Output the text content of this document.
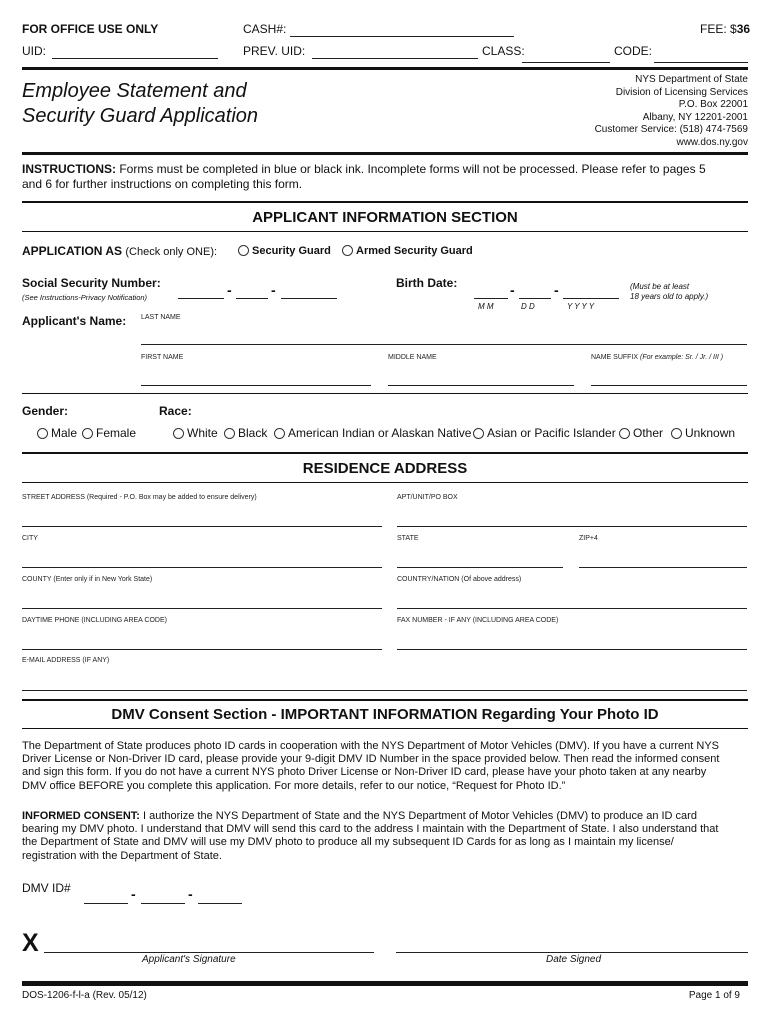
FOR OFFICE USE ONLY	CASH#:	FEE: $36
UID:	PREV. UID:	CLASS:	CODE:
Employee Statement and
Security Guard Application
NYS Department of State
Division of Licensing Services
P.O. Box 22001
Albany, NY 12201-2001
Customer Service: (518) 474-7569
www.dos.ny.gov
INSTRUCTIONS: Forms must be completed in blue or black ink. Incomplete forms will not be processed. Please refer to pages 5
and 6 for further instructions on completing this form.
APPLICANT INFORMATION SECTION
APPLICATION AS (Check only ONE):	Security Guard	Armed Security Guard
Social Security Number:
(See Instructions-Privacy Notification)	-	-	Birth Date:	-	-
M M	D D	Y Y Y Y
(Must be at least
18 years old to apply.)
Applicant's Name: LAST NAME
FIRST NAME	MIDDLE NAME	NAME SUFFIX (For example: Sr. / Jr. / III )
Gender:	Race:
Male	Female	White	Black	American Indian or Alaskan Native	Asian or Pacific Islander	Other	Unknown
RESIDENCE ADDRESS
STREET ADDRESS (Required - P.O. Box may be added to ensure delivery)	APT/UNIT/PO BOX
CITY	STATE	ZIP+4
COUNTY (Enter only if in New York State)	COUNTRY/NATION (Of above address)
DAYTIME PHONE (INCLUDING AREA CODE)	FAX NUMBER - IF ANY (INCLUDING AREA CODE)
E-MAIL ADDRESS (IF ANY)
DMV Consent Section - IMPORTANT INFORMATION Regarding Your Photo ID
The Department of State produces photo ID cards in cooperation with the NYS Department of Motor Vehicles (DMV). If you have a current NYS
Driver License or Non-Driver ID card, please provide your 9-digit DMV ID Number in the space provided below. Then read the informed consent
and sign this form. If you do not have a current NYS photo Driver License or Non-Driver ID card, please have your photo taken at any nearby
DMV office BEFORE you complete this application. For more details, refer to our notice, “Request for Photo ID.”
INFORMED CONSENT: I authorize the NYS Department of State and the NYS Department of Motor Vehicles (DMV) to produce an ID card
bearing my DMV photo. I understand that DMV will send this card to the address I maintain with the Department of State. I also understand that
the Department of State and DMV will use my DMV photo to produce all my subsequent ID Cards for as long as I maintain my license/
registration with the Department of State.
DMV ID#	-	-
X
Applicant's Signature	Date Signed
DOS-1206-f-l-a (Rev. 05/12)	Page 1 of 9
